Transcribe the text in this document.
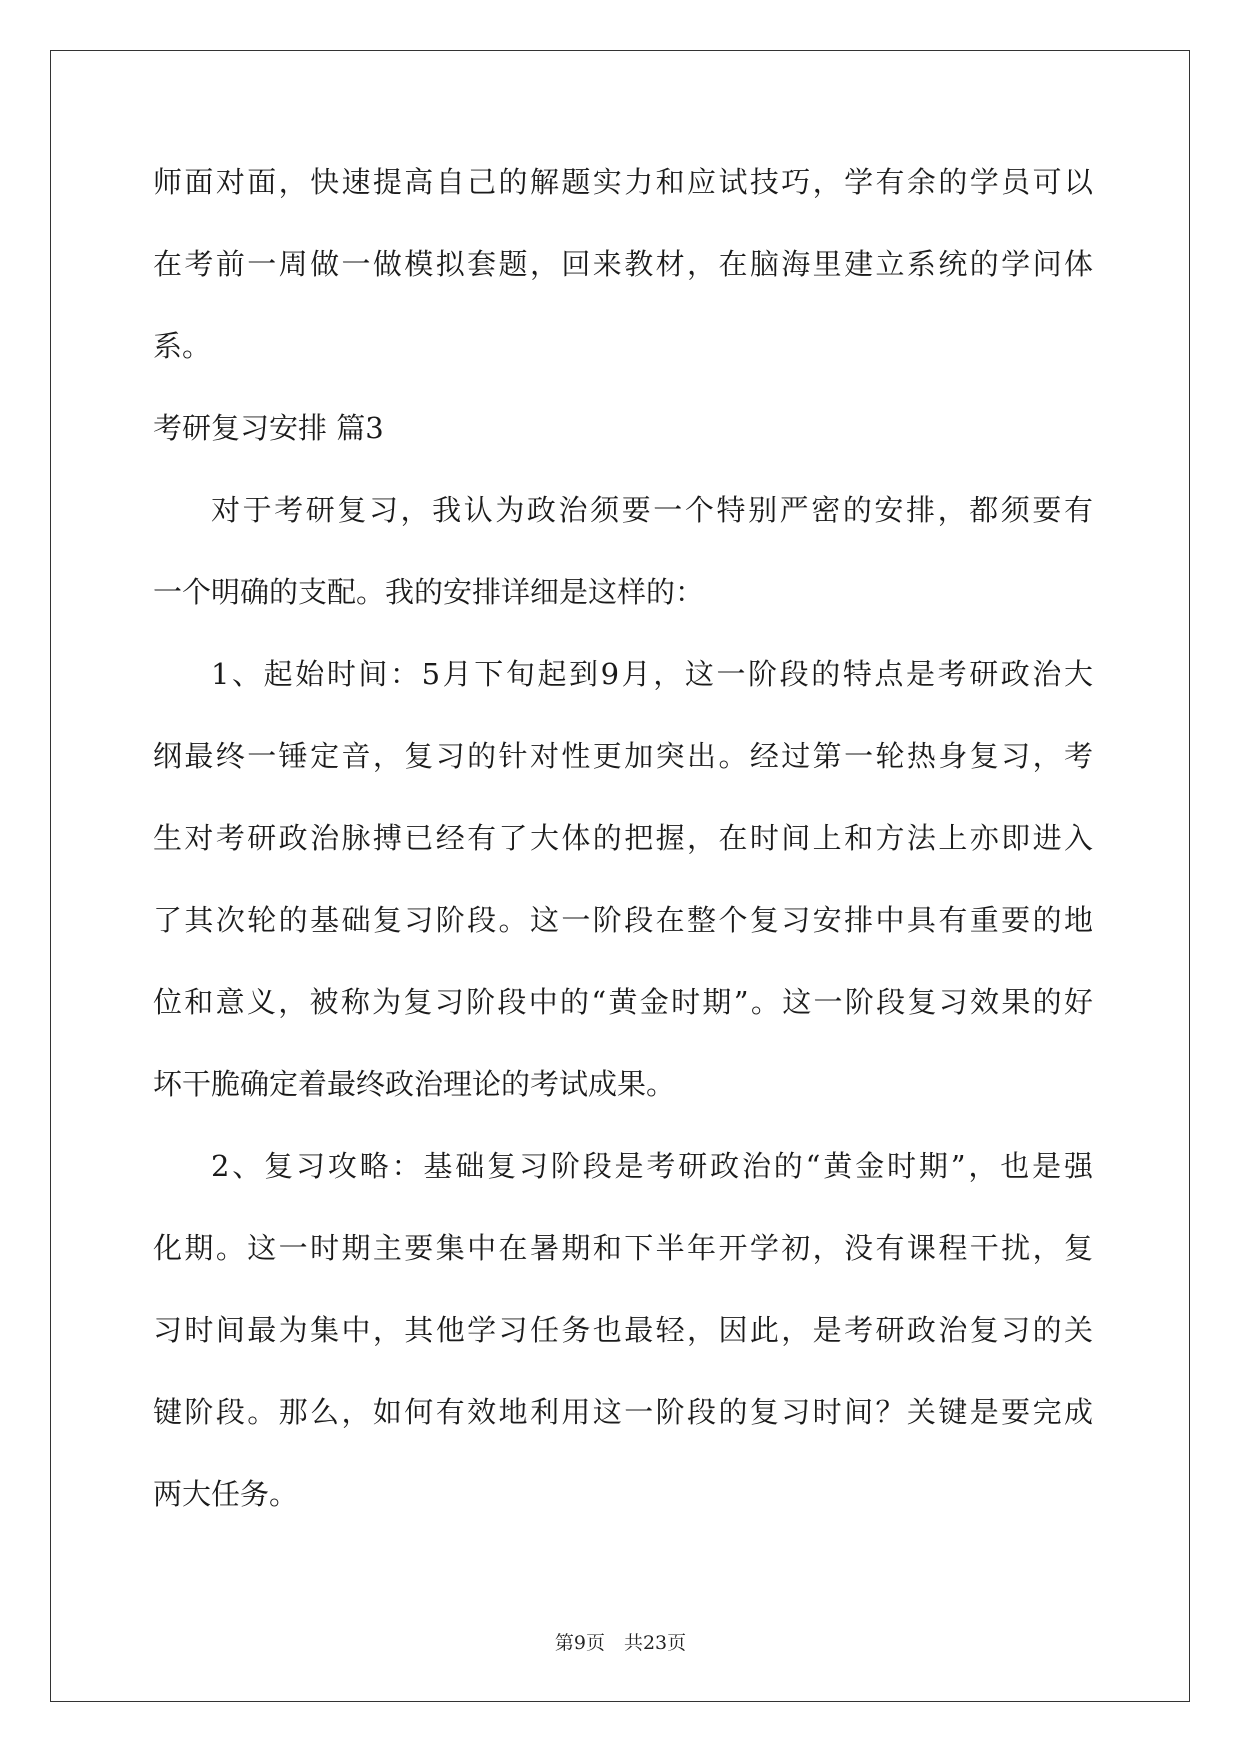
师面对面，快速提高自己的解题实力和应试技巧，学有余的学员可以
在考前一周做一做模拟套题，回来教材，在脑海里建立系统的学问体
系。
考研复习安排 篇3
对于考研复习，我认为政治须要一个特别严密的安排，都须要有
一个明确的支配。我的安排详细是这样的：
1、起始时间：5月下旬起到9月，这一阶段的特点是考研政治大
纲最终一锤定音，复习的针对性更加突出。经过第一轮热身复习，考
生对考研政治脉搏已经有了大体的把握，在时间上和方法上亦即进入
了其次轮的基础复习阶段。这一阶段在整个复习安排中具有重要的地
位和意义，被称为复习阶段中的“黄金时期”。这一阶段复习效果的好
坏干脆确定着最终政治理论的考试成果。
2、复习攻略：基础复习阶段是考研政治的“黄金时期”，也是强
化期。这一时期主要集中在暑期和下半年开学初，没有课程干扰，复
习时间最为集中，其他学习任务也最轻，因此，是考研政治复习的关
键阶段。那么，如何有效地利用这一阶段的复习时间？关键是要完成
两大任务。
第9页　共23页
